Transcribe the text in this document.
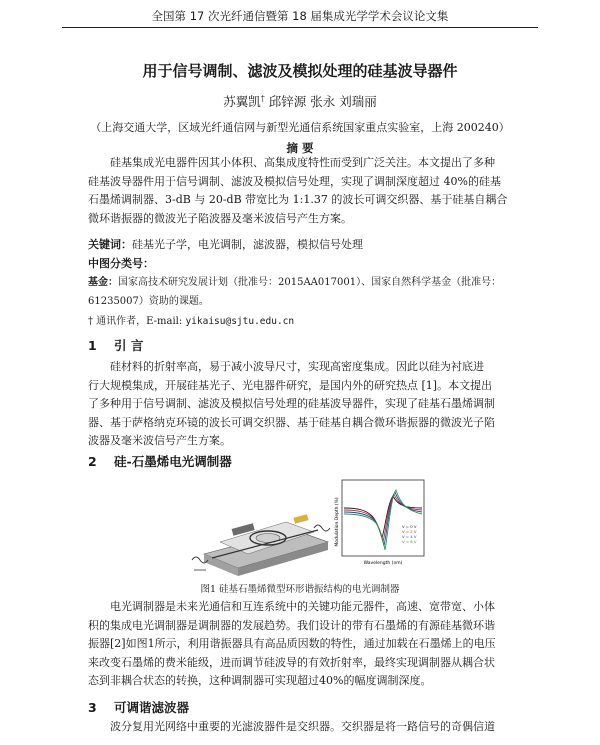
全国第 17 次光纤通信暨第 18 届集成光学学术会议论文集
用于信号调制、滤波及模拟处理的硅基波导器件
苏翼凯† 邱锌源 张永 刘瑞丽
（上海交通大学，区域光纤通信网与新型光通信系统国家重点实验室，上海 200240）
摘 要
硅基集成光电器件因其小体积、高集成度特性而受到广泛关注。本文提出了多种
硅基波导器件用于信号调制、滤波及模拟信号处理，实现了调制深度超过 40%的硅基
石墨烯调制器、3-dB 与 20-dB 带宽比为 1:1.37 的波长可调交织器、基于硅基自耦合
微环谐振器的微波光子陷波器及毫米波信号产生方案。
关键词：硅基光子学，电光调制，滤波器，模拟信号处理
中图分类号：
基金：国家高技术研究发展计划（批准号：2015AA017001）、国家自然科学基金（批准号：
61235007）资助的课题。
† 通讯作者，E-mail: yikaisu@sjtu.edu.cn
1 引 言
硅材料的折射率高，易于减小波导尺寸，实现高密度集成。因此以硅为衬底进
行大规模集成，开展硅基光子、光电器件研究，是国内外的研究热点 [1]。本文提出
了多种用于信号调制、滤波及模拟信号处理的硅基波导器件，实现了硅基石墨烯调制
器、基于萨格纳克环镜的波长可调交织器、基于硅基自耦合微环谐振器的微波光子陷
波器及毫米波信号产生方案。
2 硅-石墨烯电光调制器
Modulation Depth (%)
Wavelength (nm)
V = 0 V
V = 2 V
V = 4 V
V = 6 V
图1 硅基石墨烯微型环形谐振结构的电光调制器
电光调制器是未来光通信和互连系统中的关键功能元器件，高速、宽带宽、小体
积的集成电光调制器是调制器的发展趋势。我们设计的带有石墨烯的有源硅基微环谐
振器[2]如图1所示，利用谐振器具有高品质因数的特性，通过加载在石墨烯上的电压
来改变石墨烯的费米能级，进而调节硅波导的有效折射率，最终实现调制器从耦合状
态到非耦合状态的转换，这种调制器可实现超过40%的幅度调制深度。
3 可调谐滤波器
波分复用光网络中重要的光滤波器件是交织器。交织器是将一路信号的奇偶信道
